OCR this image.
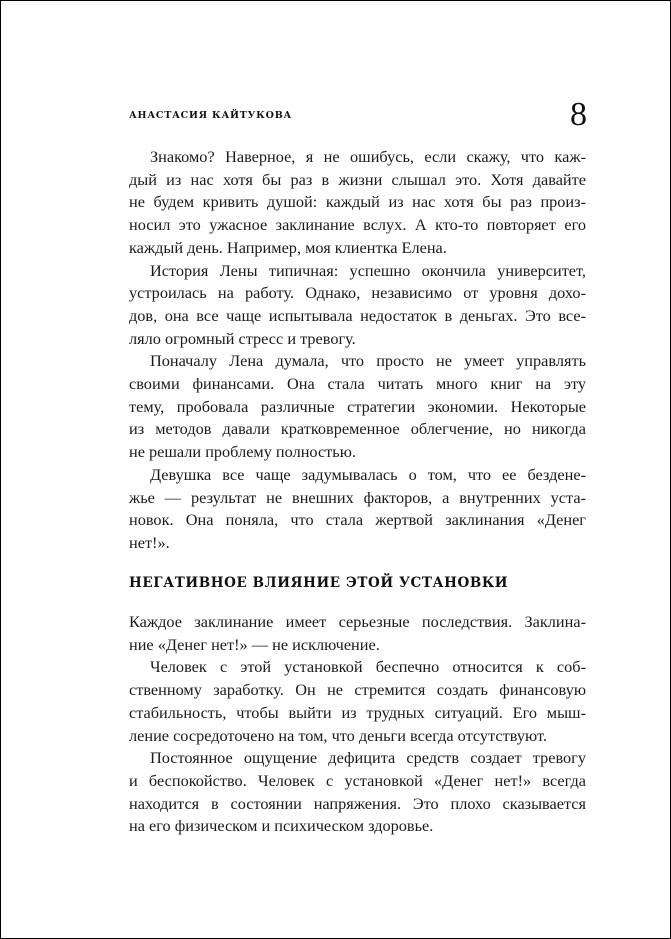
АНАСТАСИЯ КАЙТУКОВА	8
Знакомо? Наверное, я не ошибусь, если скажу, что каж-
дый из нас хотя бы раз в жизни слышал это. Хотя давайте
не будем кривить душой: каждый из нас хотя бы раз произ-
носил это ужасное заклинание вслух. А кто-то повторяет его
каждый день. Например, моя клиентка Елена.
История Лены типичная: успешно окончила университет,
устроилась на работу. Однако, независимо от уровня дохо-
дов, она все чаще испытывала недостаток в деньгах. Это все-
ляло огромный стресс и тревогу.
Поначалу Лена думала, что просто не умеет управлять
своими финансами. Она стала читать много книг на эту
тему, пробовала различные стратегии экономии. Некоторые
из методов давали кратковременное облегчение, но никогда
не решали проблему полностью.
Девушка все чаще задумывалась о том, что ее бездене-
жье — результат не внешних факторов, а внутренних уста-
новок. Она поняла, что стала жертвой заклинания «Денег
нет!».
НЕГАТИВНОЕ ВЛИЯНИЕ ЭТОЙ УСТАНОВКИ
Каждое заклинание имеет серьезные последствия. Заклина-
ние «Денег нет!» — не исключение.
Человек с этой установкой беспечно относится к соб-
ственному заработку. Он не стремится создать финансовую
стабильность, чтобы выйти из трудных ситуаций. Его мыш-
ление сосредоточено на том, что деньги всегда отсутствуют.
Постоянное ощущение дефицита средств создает тревогу
и беспокойство. Человек с установкой «Денег нет!» всегда
находится в состоянии напряжения. Это плохо сказывается
на его физическом и психическом здоровье.
